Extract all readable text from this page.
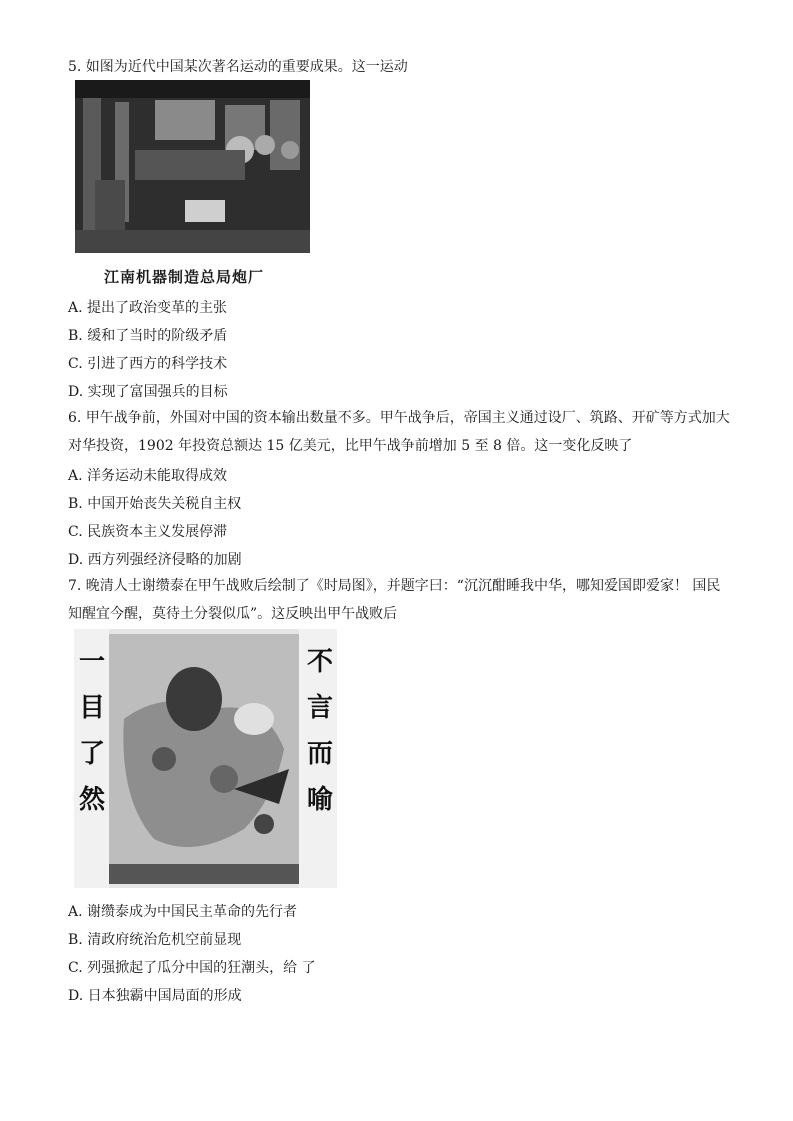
5. 如图为近代中国某次著名运动的重要成果。这一运动
江南机器制造总局炮厂
A. 提出了政治变革的主张
B. 缓和了当时的阶级矛盾
C. 引进了西方的科学技术
D. 实现了富国强兵的目标
6. 甲午战争前，外国对中国的资本输出数量不多。甲午战争后，帝国主义通过设厂、筑路、开矿等方式加大对华投资，1902 年投资总额达 15 亿美元，比甲午战争前增加 5 至 8 倍。这一变化反映了
A. 洋务运动未能取得成效
B. 中国开始丧失关税自主权
C. 民族资本主义发展停滞
D. 西方列强经济侵略的加剧
7. 晚清人士谢缵泰在甲午战败后绘制了《时局图》，并题字曰：“沉沉酣睡我中华，哪知爱国即爱家！ 国民知醒宜今醒，莫待土分裂似瓜”。这反映出甲午战败后
一
目
了
然
不
言
而
喻
A. 谢缵泰成为中国民主革命的先行者
B. 清政府统治危机空前显现
C. 列强掀起了瓜分中国的狂潮头，给 了
D. 日本独霸中国局面的形成
